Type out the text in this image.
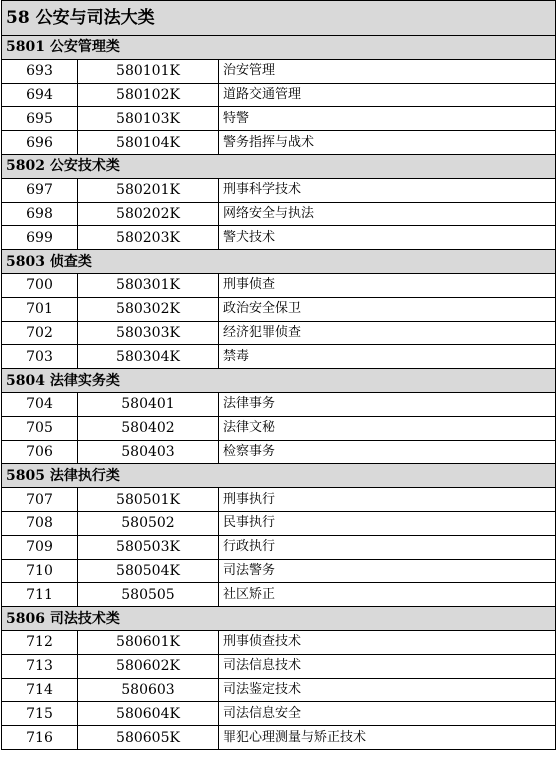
58 公安与司法大类		
5801 公安管理类		
693	580101K	治安管理
694	580102K	道路交通管理
695	580103K	特警
696	580104K	警务指挥与战术
5802 公安技术类		
697	580201K	刑事科学技术
698	580202K	网络安全与执法
699	580203K	警犬技术
5803 侦查类		
700	580301K	刑事侦查
701	580302K	政治安全保卫
702	580303K	经济犯罪侦查
703	580304K	禁毒
5804 法律实务类		
704	580401	法律事务
705	580402	法律文秘
706	580403	检察事务
5805 法律执行类		
707	580501K	刑事执行
708	580502	民事执行
709	580503K	行政执行
710	580504K	司法警务
711	580505	社区矫正
5806 司法技术类		
712	580601K	刑事侦查技术
713	580602K	司法信息技术
714	580603	司法鉴定技术
715	580604K	司法信息安全
716	580605K	罪犯心理测量与矫正技术
